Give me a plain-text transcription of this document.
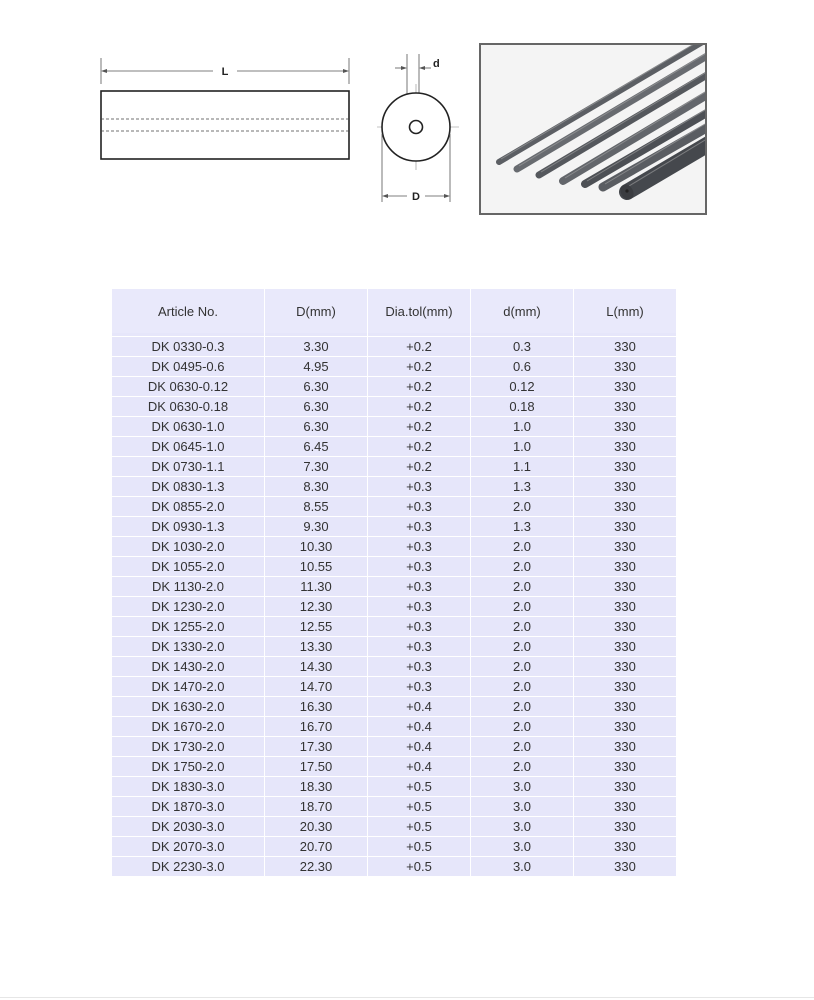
L
d
D
Article No.	D(mm)	Dia.tol(mm)	d(mm)	L(mm)

DK 0330-0.3	3.30	+0.2	0.3	330
DK 0495-0.6	4.95	+0.2	0.6	330
DK 0630-0.12	6.30	+0.2	0.12	330
DK 0630-0.18	6.30	+0.2	0.18	330
DK 0630-1.0	6.30	+0.2	1.0	330
DK 0645-1.0	6.45	+0.2	1.0	330
DK 0730-1.1	7.30	+0.2	1.1	330
DK 0830-1.3	8.30	+0.3	1.3	330
DK 0855-2.0	8.55	+0.3	2.0	330
DK 0930-1.3	9.30	+0.3	1.3	330
DK 1030-2.0	10.30	+0.3	2.0	330
DK 1055-2.0	10.55	+0.3	2.0	330
DK 1130-2.0	11.30	+0.3	2.0	330
DK 1230-2.0	12.30	+0.3	2.0	330
DK 1255-2.0	12.55	+0.3	2.0	330
DK 1330-2.0	13.30	+0.3	2.0	330
DK 1430-2.0	14.30	+0.3	2.0	330
DK 1470-2.0	14.70	+0.3	2.0	330
DK 1630-2.0	16.30	+0.4	2.0	330
DK 1670-2.0	16.70	+0.4	2.0	330
DK 1730-2.0	17.30	+0.4	2.0	330
DK 1750-2.0	17.50	+0.4	2.0	330
DK 1830-3.0	18.30	+0.5	3.0	330
DK 1870-3.0	18.70	+0.5	3.0	330
DK 2030-3.0	20.30	+0.5	3.0	330
DK 2070-3.0	20.70	+0.5	3.0	330
DK 2230-3.0	22.30	+0.5	3.0	330
